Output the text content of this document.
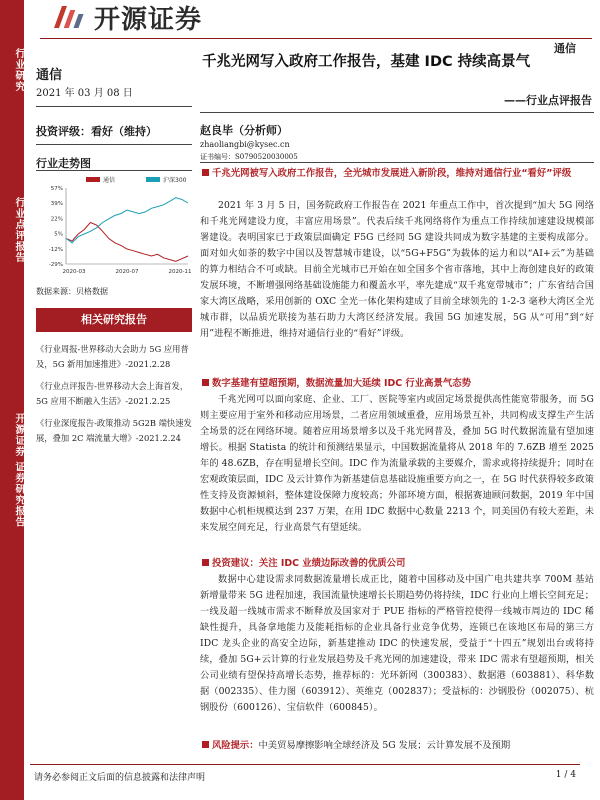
行业研究
行业点评报告
开源证券 证券研究报告
开源证券
通信
通信
2021 年 03 月 08 日
投资评级：看好（维持）
行业走势图
通信	沪深300
-29%
-12%
5%
22%
39%
57%
2020-03	2020-07	2020-11
数据来源：贝格数据
相关研究报告
《行业周报-世界移动大会助力 5G 应用普及，5G 新用加速推进》-2021.2.28
《行业点评报告-世界移动大会上海首发，5G 应用不断融入生活》-2021.2.25
《行业深度报告-政策推动 5G2B 端快速发展，叠加 2C 端流量大增》-2021.2.24
千兆光网写入政府工作报告，基建 IDC 持续高景气
——行业点评报告
赵良毕（分析师）
zhaoliangbi@kysec.cn
证书编号：S0790520030005
千兆光网被写入政府工作报告，全光城市发展进入新阶段，维持对通信行业“看好”评级

2021 年 3 月 5 日，国务院政府工作报告在 2021 年重点工作中，首次提到“加大 5G 网络和千兆光网建设力度，丰富应用场景”。代表后续千兆网络将作为重点工作持续加速建设规模部署建设。表明国家已于政策层面确定 F5G 已经同 5G 建设共同成为数字基建的主要构成部分。面对如火如荼的数字中国以及智慧城市建设，以“5G+F5G”为载体的运力和以“AI+云”为基础的算力相结合不可或缺。目前全光城市已开始在如全国多个省市落地，其中上海创建良好的政策发展环境，不断增强网络基础设施能力和覆盖水平，率先建成“双千兆宽带城市”；广东省结合国家大湾区战略，采用创新的 OXC 全光一体化架构建成了目前全球领先的 1-2-3 毫秒大湾区全光城市群，以品质光联接为基石助力大湾区经济发展。我国 5G 加速发展，5G 从“可用”到“好用”进程不断推进，维持对通信行业的“看好”评级。

数字基建有望超预期，数据流量加大延续 IDC 行业高景气态势

千兆光网可以面向家庭、企业、工厂、医院等室内或固定场景提供高性能宽带服务，而 5G 则主要应用于室外和移动应用场景，二者应用领域重叠，应用场景互补，共同构成支撑生产生活全场景的泛在网络环境。随着应用场景增多以及千兆光网普及，叠加 5G 时代数据流量有望加速增长。根据 Statista 的统计和预测结果显示，中国数据流量将从 2018 年的 7.6ZB 增至 2025 年的 48.6ZB，存在明显增长空间。IDC 作为流量承载的主要媒介，需求或将持续提升；同时在宏观政策层面，IDC 及云计算作为新基建信息基础设施重要方向之一，在 5G 时代获得较多政策性支持及资源倾斜，整体建设保障力度较高；外部环境方面，根据赛迪顾问数据，2019 年中国数据中心机柜规模达到 237 万架，在用 IDC 数据中心数量 2213 个，同美国仍有较大差距，未来发展空间充足，行业高景气有望延续。

投资建议：关注 IDC 业绩边际改善的优质公司

数据中心建设需求同数据流量增长成正比，随着中国移动及中国广电共建共享 700M 基站新增量带来 5G 进程加速，我国流量快速增长长期趋势仍将持续，IDC 行业向上增长空间充足；一线及超一线城市需求不断释放及国家对于 PUE 指标的严格管控使得一线城市周边的 IDC 稀缺性提升，具备拿地能力及能耗指标的企业具备行业竞争优势，连锁已在该地区布局的第三方 IDC 龙头企业的高安全边际，新基建推动 IDC 的快速发展，受益于“十四五”规划出台或将持续，叠加 5G+云计算的行业发展趋势及千兆光网的加速建设，带来 IDC 需求有望超预期，相关公司业绩有望保持高增长态势，推荐标的：光环新网（300383）、数据港（603881）、科华数据（002335）、佳力图（603912）、英维克（002837）；受益标的：沙钢股份（002075）、杭钢股份（600126）、宝信软件（600845）。

风险提示：中美贸易摩擦影响全球经济及 5G 发展；云计算发展不及预期
请务必参阅正文后面的信息披露和法律声明	1 / 4
